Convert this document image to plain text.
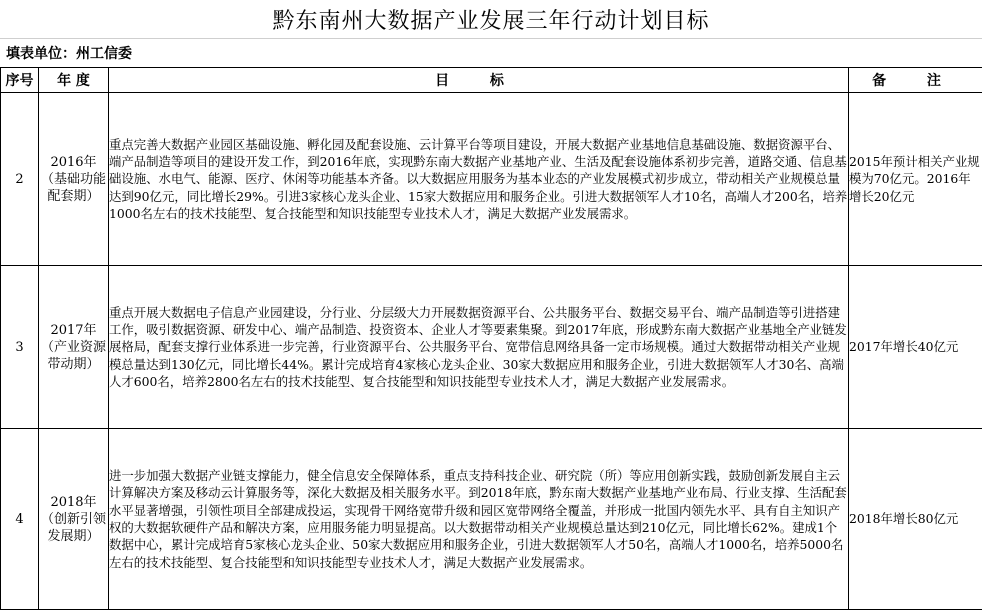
黔东南州大数据产业发展三年行动计划目标
填表单位：州工信委
序号	年 度	目 标	备 注
2	2016年（基础功能配套期）	重点完善大数据产业园区基础设施、孵化园及配套设施、云计算平台等项目建设，开展大数据产业基地信息基础设施、数据资源平台、端产品制造等项目的建设开发工作，到2016年底，实现黔东南大数据产业基地产业、生活及配套设施体系初步完善，道路交通、信息基础设施、水电气、能源、医疗、休闲等功能基本齐备。以大数据应用服务为基本业态的产业发展模式初步成立，带动相关产业规模总量达到90亿元，同比增长29%。引进3家核心龙头企业、15家大数据应用和服务企业。引进大数据领军人才10名，高端人才200名，培养1000名左右的技术技能型、复合技能型和知识技能型专业技术人才，满足大数据产业发展需求。	2015年预计相关产业规模为70亿元。2016年增长20亿元
3	2017年（产业资源带动期）	重点开展大数据电子信息产业园建设，分行业、分层级大力开展数据资源平台、公共服务平台、数据交易平台、端产品制造等引进搭建工作，吸引数据资源、研发中心、端产品制造、投资资本、企业人才等要素集聚。到2017年底，形成黔东南大数据产业基地全产业链发展格局，配套支撑行业体系进一步完善，行业资源平台、公共服务平台、宽带信息网络具备一定市场规模。通过大数据带动相关产业规模总量达到130亿元，同比增长44%。累计完成培育4家核心龙头企业、30家大数据应用和服务企业，引进大数据领军人才30名、高端人才600名，培养2800名左右的技术技能型、复合技能型和知识技能型专业技术人才，满足大数据产业发展需求。	2017年增长40亿元
4	2018年（创新引领发展期）	进一步加强大数据产业链支撑能力，健全信息安全保障体系，重点支持科技企业、研究院（所）等应用创新实践，鼓励创新发展自主云计算解决方案及移动云计算服务等，深化大数据及相关服务水平。到2018年底，黔东南大数据产业基地产业布局、行业支撑、生活配套水平显著增强，引领性项目全部建成投运，实现骨干网络宽带升级和园区宽带网络全覆盖，并形成一批国内领先水平、具有自主知识产权的大数据软硬件产品和解决方案，应用服务能力明显提高。以大数据带动相关产业规模总量达到210亿元，同比增长62%。建成1个数据中心，累计完成培育5家核心龙头企业、50家大数据应用和服务企业，引进大数据领军人才50名，高端人才1000名，培养5000名左右的技术技能型、复合技能型和知识技能型专业技术人才，满足大数据产业发展需求。	2018年增长80亿元
